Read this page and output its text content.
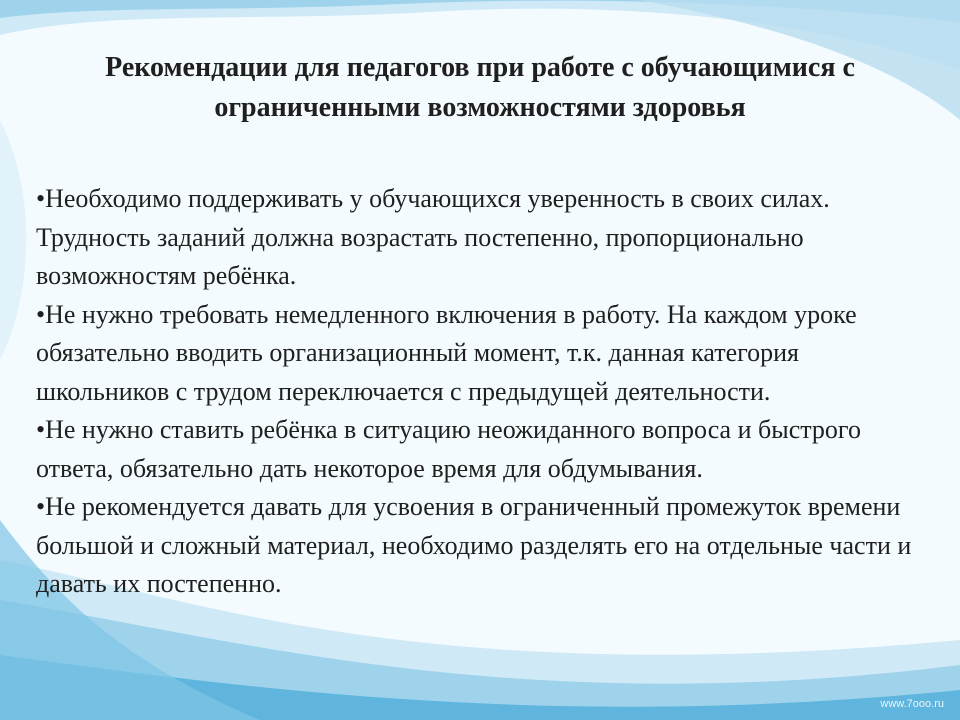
Рекомендации для педагогов при работе с обучающимися с ограниченными возможностями здоровья
•Необходимо поддерживать у обучающихся уверенность в своих силах. Трудность заданий должна возрастать постепенно, пропорционально возможностям ребёнка.
•Не нужно требовать немедленного включения в работу. На каждом уроке обязательно вводить организационный момент, т.к. данная категория школьников с трудом переключается с предыдущей деятельности.
•Не нужно ставить ребёнка в ситуацию неожиданного вопроса и быстрого ответа, обязательно дать некоторое время для обдумывания.
•Не рекомендуется давать для усвоения в ограниченный промежуток времени большой и сложный материал, необходимо разделять его на отдельные части и давать их постепенно.
www.7ooo.ru
